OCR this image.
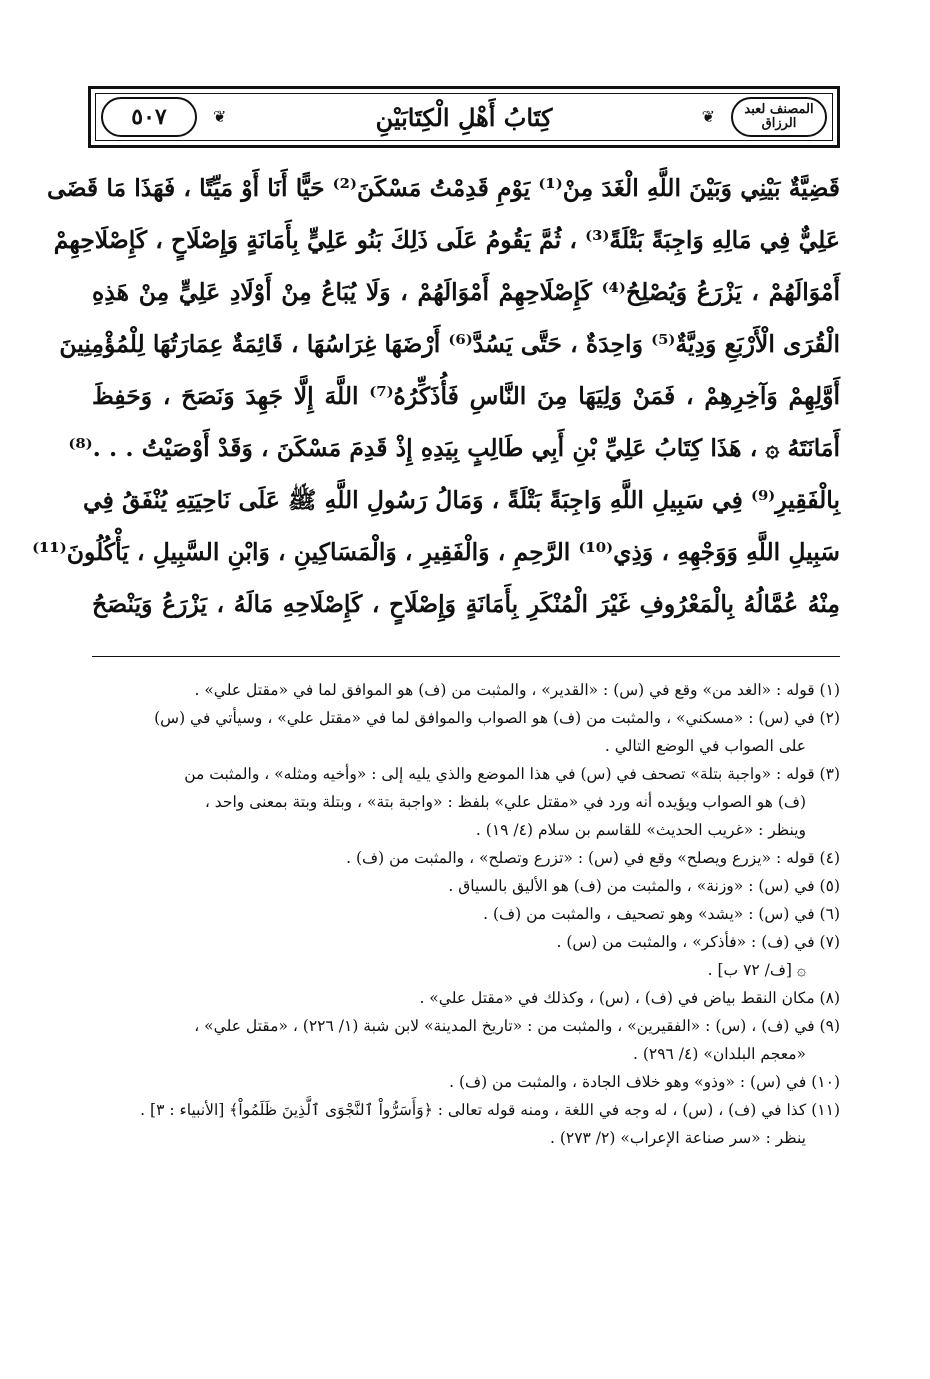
٥٠٧	❦	كِتَابُ أَهْلِ الْكِتَابَيْنِ	❦	المصنف لعبد الرزاق
قَضِيَّةٌ بَيْنِي وَبَيْنَ اللَّهِ الْغَدَ مِنْ⁽¹⁾ يَوْمِ قَدِمْتُ مَسْكَنَ⁽²⁾ حَيًّا أَنَا أَوْ مَيِّتًا ، فَهَذَا مَا قَضَى
عَلِيٌّ فِي مَالِهِ وَاجِبَةً بَتْلَةً⁽³⁾ ، ثُمَّ يَقُومُ عَلَى ذَلِكَ بَنُو عَلِيٍّ بِأَمَانَةٍ وَإِصْلَاحٍ ، كَإِصْلَاحِهِمْ
أَمْوَالَهُمْ ، يَزْرَعُ وَيُصْلِحُ⁽⁴⁾ كَإِصْلَاحِهِمْ أَمْوَالَهُمْ ، وَلَا يُبَاعُ مِنْ أَوْلَادِ عَلِيٍّ مِنْ هَذِهِ
الْقُرَى الْأَرْبَعِ وَدِيَّةٌ⁽⁵⁾ وَاحِدَةٌ ، حَتَّى يَسُدَّ⁽⁶⁾ أَرْضَهَا غِرَاسُهَا ، قَائِمَةٌ عِمَارَتُهَا لِلْمُؤْمِنِينَ
أَوَّلِهِمْ وَآخِرِهِمْ ، فَمَنْ وَلِيَهَا مِنَ النَّاسِ فَأُذَكِّرُهُ⁽⁷⁾ اللَّهَ إِلَّا جَهِدَ وَنَصَحَ ، وَحَفِظَ
أَمَانَتَهُ ۞ ، هَذَا كِتَابُ عَلِيِّ بْنِ أَبِي طَالِبٍ بِيَدِهِ إِذْ قَدِمَ مَسْكَنَ ، وَقَدْ أَوْصَيْتُ . . .⁽⁸⁾
بِالْفَقِيرِ⁽⁹⁾ فِي سَبِيلِ اللَّهِ وَاجِبَةً بَتْلَةً ، وَمَالُ رَسُولِ اللَّهِ ﷺ عَلَى نَاحِيَتِهِ يُنْفَقُ فِي
سَبِيلِ اللَّهِ وَوَجْهِهِ ، وَذِي⁽¹⁰⁾ الرَّحِمِ ، وَالْفَقِيرِ ، وَالْمَسَاكِينِ ، وَابْنِ السَّبِيلِ ، يَأْكُلُونَ⁽¹¹⁾
مِنْهُ عُمَّالُهُ بِالْمَعْرُوفِ غَيْرَ الْمُنْكَرِ بِأَمَانَةٍ وَإِصْلَاحٍ ، كَإِصْلَاحِهِ مَالَهُ ، يَزْرَعُ وَيَنْصَحُ
(١) قوله : «الغد من» وقع في (س) : «القدير» ، والمثبت من (ف) هو الموافق لما في «مقتل علي» .
(٢) في (س) : «مسكني» ، والمثبت من (ف) هو الصواب والموافق لما في «مقتل علي» ، وسيأتي في (س)
على الصواب في الوضع التالي .
(٣) قوله : «واجبة بتلة» تصحف في (س) في هذا الموضع والذي يليه إلى : «وأخيه ومثله» ، والمثبت من
(ف) هو الصواب ويؤيده أنه ورد في «مقتل علي» بلفظ : «واجبة بتة» ، وبتلة وبتة بمعنى واحد ،
وينظر : «غريب الحديث» للقاسم بن سلام (٤/ ١٩) .
(٤) قوله : «يزرع ويصلح» وقع في (س) : «تزرع وتصلح» ، والمثبت من (ف) .
(٥) في (س) : «وزنة» ، والمثبت من (ف) هو الأليق بالسياق .
(٦) في (س) : «يشد» وهو تصحيف ، والمثبت من (ف) .
(٧) في (ف) : «فأذكر» ، والمثبت من (س) .
۞ [ف/ ٧٢ ب] .
(٨) مكان النقط بياض في (ف) ، (س) ، وكذلك في «مقتل علي» .
(٩) في (ف) ، (س) : «الفقيرين» ، والمثبت من : «تاريخ المدينة» لابن شبة (١/ ٢٢٦) ، «مقتل علي» ،
«معجم البلدان» (٤/ ٢٩٦) .
(١٠) في (س) : «وذو» وهو خلاف الجادة ، والمثبت من (ف) .
(١١) كذا في (ف) ، (س) ، له وجه في اللغة ، ومنه قوله تعالى : ﴿وَأَسَرُّواْ ٱلنَّجْوَى ٱلَّذِينَ ظَلَمُواْ﴾ [الأنبياء : ٣] .
ينظر : «سر صناعة الإعراب» (٢/ ٢٧٣) .
